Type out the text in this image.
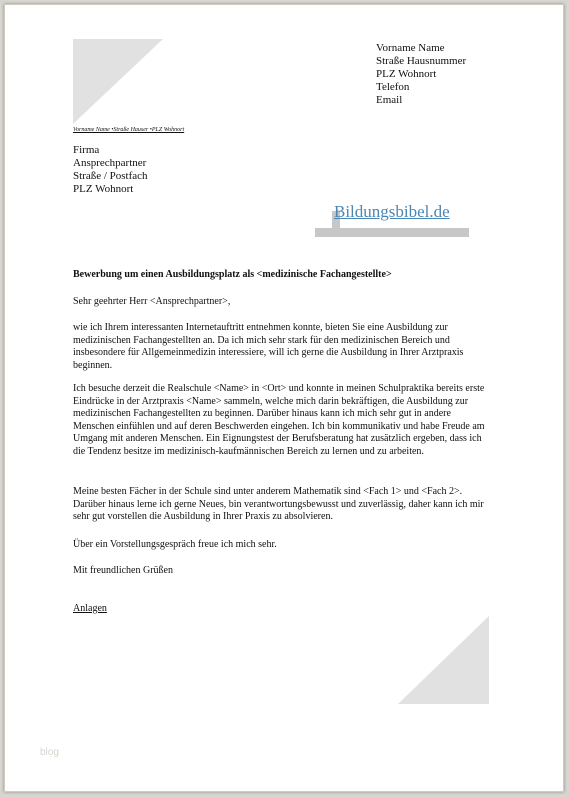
Vorname Name
Straße Hausnummer
PLZ Wohnort
Telefon
Email
Vorname Name •Straße Hauser •PLZ Wohnort
Firma
Ansprechpartner
Straße / Postfach
PLZ Wohnort
Bildungsbibel.de
Bewerbung um einen Ausbildungsplatz als <medizinische Fachangestellte>
Sehr geehrter Herr <Ansprechpartner>,
wie ich Ihrem interessanten Internetauftritt entnehmen konnte, bieten Sie eine Ausbildung zur medizinischen Fachangestellten an. Da ich mich sehr stark für den medizinischen Bereich und insbesondere für Allgemeinmedizin interessiere, will ich gerne die Ausbildung in Ihrer Arztpraxis beginnen.
Ich besuche derzeit die Realschule <Name> in <Ort> und konnte in meinen Schulpraktika bereits erste Eindrücke in der Arztpraxis <Name> sammeln, welche mich darin bekräftigen, die Ausbildung zur medizinischen Fachangestellten zu beginnen. Darüber hinaus kann ich mich sehr gut in andere Menschen einfühlen und auf deren Beschwerden eingehen. Ich bin kommunikativ und habe Freude am Umgang mit anderen Menschen. Ein Eignungstest der Berufsberatung hat zusätzlich ergeben, dass ich die Tendenz besitze im medizinisch-kaufmännischen Bereich zu lernen und zu arbeiten.
Meine besten Fächer in der Schule sind unter anderem Mathematik sind <Fach 1> und <Fach 2>. Darüber hinaus lerne ich gerne Neues, bin verantwortungsbewusst und zuverlässig, daher kann ich mir sehr gut vorstellen die Ausbildung in Ihrer Praxis zu absolvieren.
Über ein Vorstellungsgespräch freue ich mich sehr.
Mit freundlichen Grüßen
Anlagen
blog
